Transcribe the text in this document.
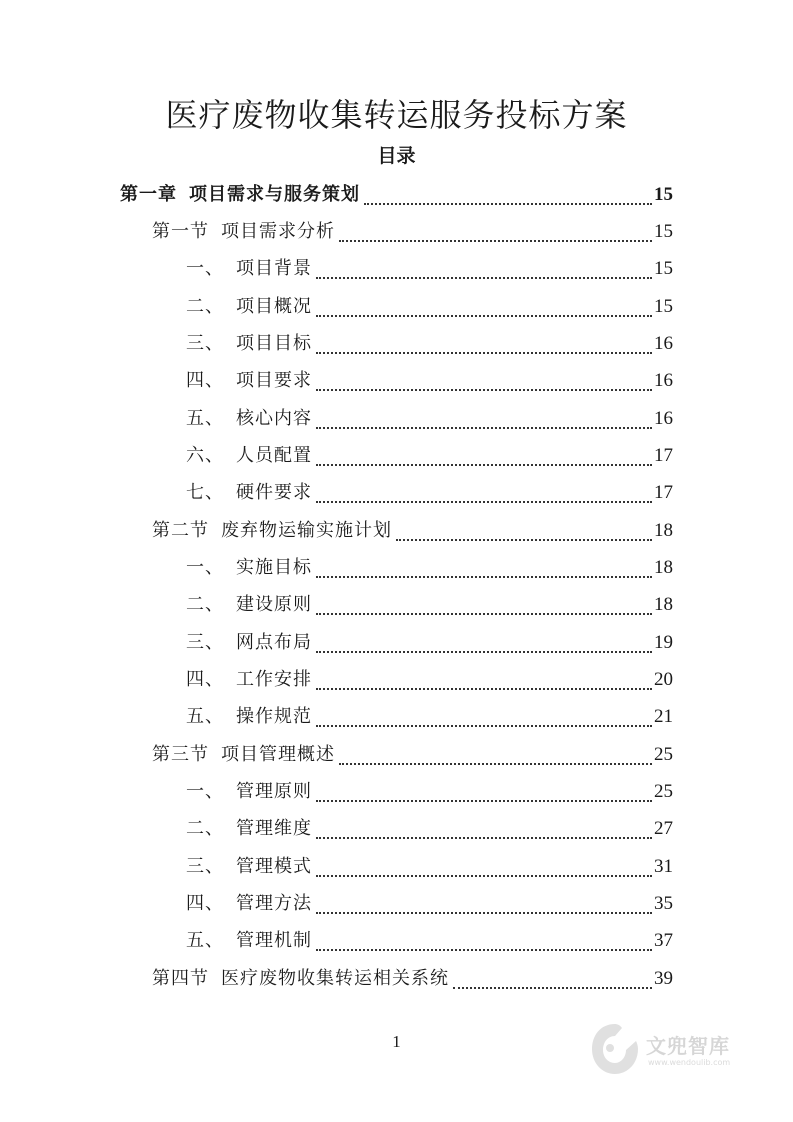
医疗废物收集转运服务投标方案
目录
第一章 项目需求与服务策划	15
第一节 项目需求分析	15
一、 项目背景	15
二、 项目概况	15
三、 项目目标	16
四、 项目要求	16
五、 核心内容	16
六、 人员配置	17
七、 硬件要求	17
第二节 废弃物运输实施计划	18
一、 实施目标	18
二、 建设原则	18
三、 网点布局	19
四、 工作安排	20
五、 操作规范	21
第三节 项目管理概述	25
一、 管理原则	25
二、 管理维度	27
三、 管理模式	31
四、 管理方法	35
五、 管理机制	37
第四节 医疗废物收集转运相关系统	39
1	文兜智库
www.wendoulib.com
